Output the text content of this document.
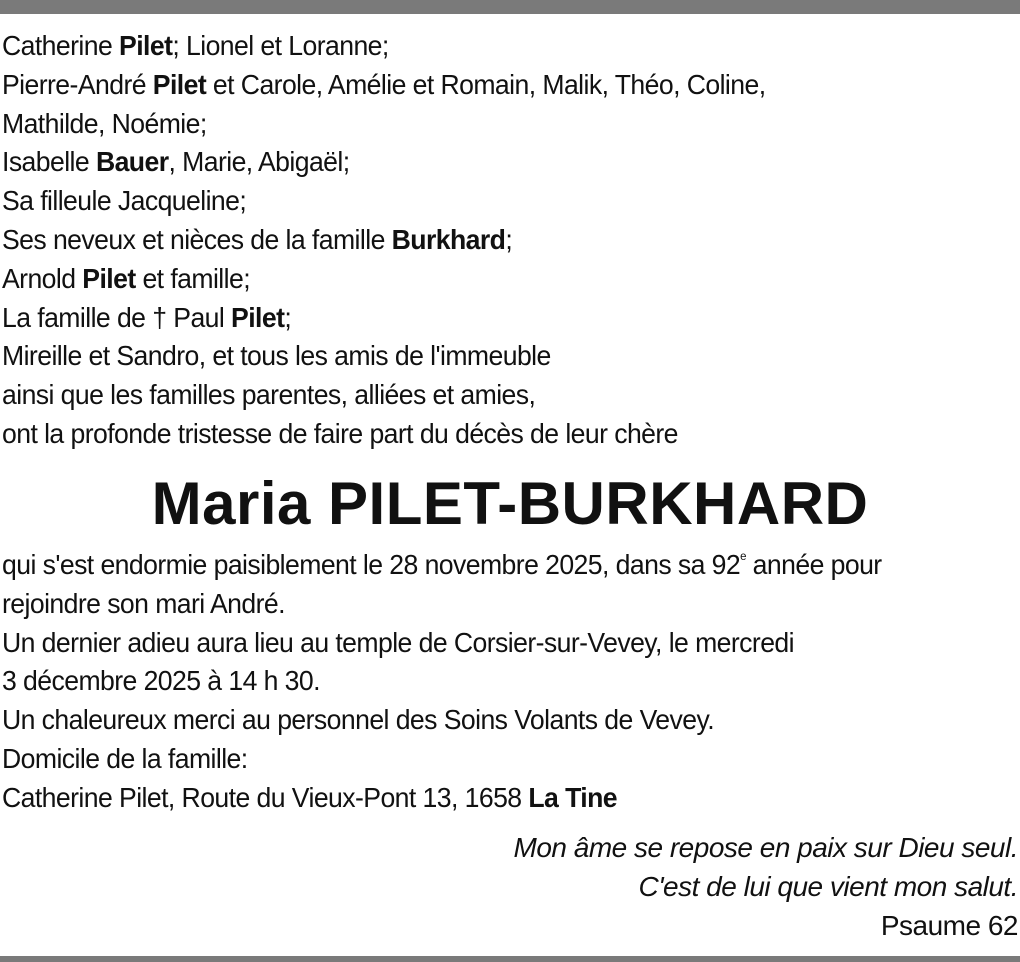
Catherine Pilet; Lionel et Loranne;
Pierre-André Pilet et Carole, Amélie et Romain, Malik, Théo, Coline,
Mathilde, Noémie;
Isabelle Bauer, Marie, Abigaël;
Sa filleule Jacqueline;
Ses neveux et nièces de la famille Burkhard;
Arnold Pilet et famille;
La famille de † Paul Pilet;
Mireille et Sandro, et tous les amis de l'immeuble
ainsi que les familles parentes, alliées et amies,
ont la profonde tristesse de faire part du décès de leur chère
Maria PILET-BURKHARD
qui s'est endormie paisiblement le 28 novembre 2025, dans sa 92e année pour
rejoindre son mari André.
Un dernier adieu aura lieu au temple de Corsier-sur-Vevey, le mercredi
3 décembre 2025 à 14 h 30.
Un chaleureux merci au personnel des Soins Volants de Vevey.
Domicile de la famille:
Catherine Pilet, Route du Vieux-Pont 13, 1658 La Tine
Mon âme se repose en paix sur Dieu seul.
C'est de lui que vient mon salut.
Psaume 62
